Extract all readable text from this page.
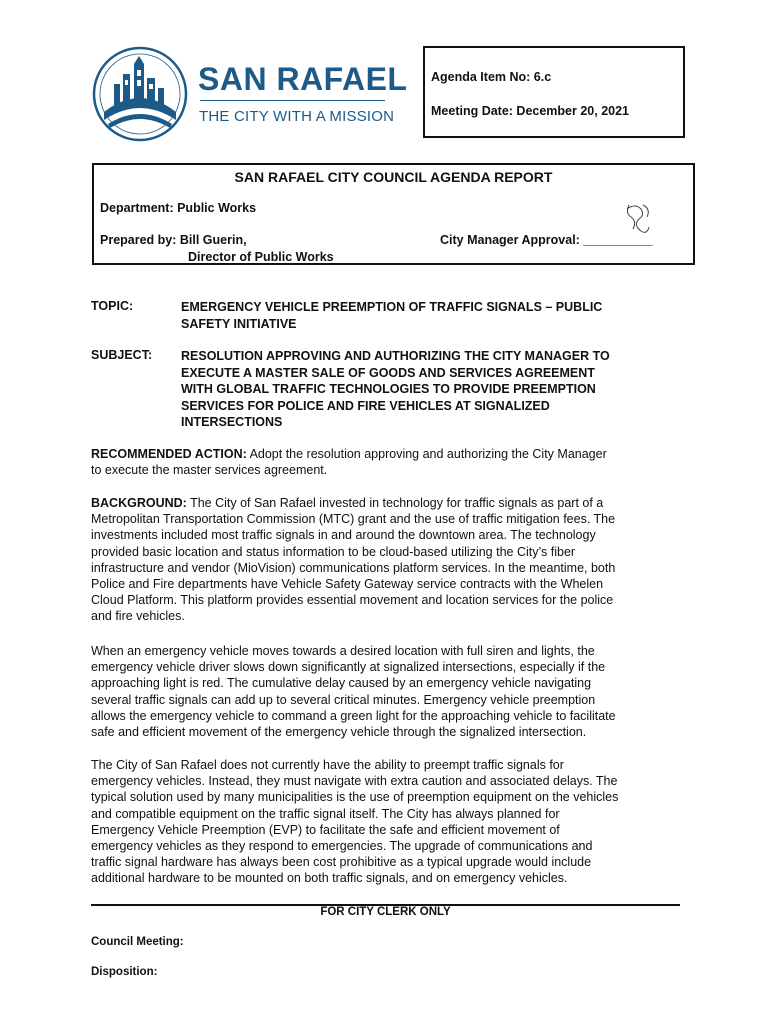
SAN RAFAEL
THE CITY WITH A MISSION
Agenda Item No: 6.c
Meeting Date: December 20, 2021
SAN RAFAEL CITY COUNCIL AGENDA REPORT
Department: Public Works
Prepared by: Bill Guerin,
Director of Public Works
City Manager Approval: __________
TOPIC:	EMERGENCY VEHICLE PREEMPTION OF TRAFFIC SIGNALS – PUBLIC
SAFETY INITIATIVE
SUBJECT: RESOLUTION APPROVING AND AUTHORIZING THE CITY MANAGER TO
EXECUTE A MASTER SALE OF GOODS AND SERVICES AGREEMENT
WITH GLOBAL TRAFFIC TECHNOLOGIES TO PROVIDE PREEMPTION
SERVICES FOR POLICE AND FIRE VEHICLES AT SIGNALIZED
INTERSECTIONS
RECOMMENDED ACTION: Adopt the resolution approving and authorizing the City Manager
to execute the master services agreement.
BACKGROUND: The City of San Rafael invested in technology for traffic signals as part of a
Metropolitan Transportation Commission (MTC) grant and the use of traffic mitigation fees. The
investments included most traffic signals in and around the downtown area. The technology
provided basic location and status information to be cloud-based utilizing the City’s fiber
infrastructure and vendor (MioVision) communications platform services. In the meantime, both
Police and Fire departments have Vehicle Safety Gateway service contracts with the Whelen
Cloud Platform. This platform provides essential movement and location services for the police
and fire vehicles.
When an emergency vehicle moves towards a desired location with full siren and lights, the
emergency vehicle driver slows down significantly at signalized intersections, especially if the
approaching light is red. The cumulative delay caused by an emergency vehicle navigating
several traffic signals can add up to several critical minutes. Emergency vehicle preemption
allows the emergency vehicle to command a green light for the approaching vehicle to facilitate
safe and efficient movement of the emergency vehicle through the signalized intersection.
The City of San Rafael does not currently have the ability to preempt traffic signals for
emergency vehicles. Instead, they must navigate with extra caution and associated delays. The
typical solution used by many municipalities is the use of preemption equipment on the vehicles
and compatible equipment on the traffic signal itself. The City has always planned for
Emergency Vehicle Preemption (EVP) to facilitate the safe and efficient movement of
emergency vehicles as they respond to emergencies. The upgrade of communications and
traffic signal hardware has always been cost prohibitive as a typical upgrade would include
additional hardware to be mounted on both traffic signals, and on emergency vehicles.
FOR CITY CLERK ONLY
Council Meeting:
Disposition:
